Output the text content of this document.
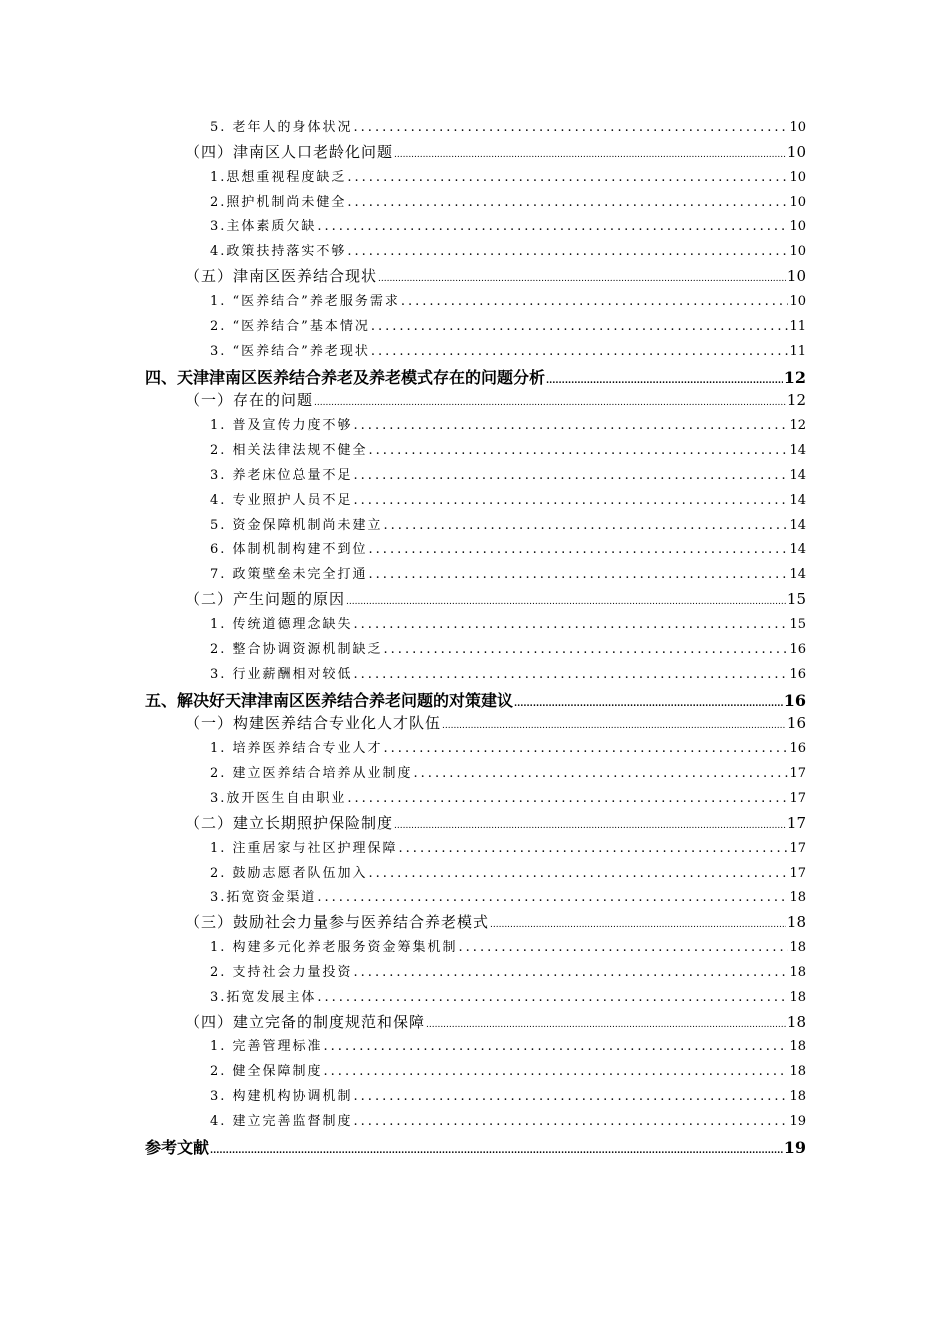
5. 老年人的身体状况 .....	10
（四）津南区人口老龄化问题 .....	10
1.思想重视程度缺乏 .....	10
2.照护机制尚未健全 .....	10
3.主体素质欠缺 .....	10
4.政策扶持落实不够 .....	10
（五）津南区医养结合现状 .....	10
1. “医养结合”养老服务需求 .....	10
2. “医养结合”基本情况 .....	11
3. “医养结合”养老现状 .....	11
四、天津津南区医养结合养老及养老模式存在的问题分析 .....	12
（一）存在的问题 .....	12
1. 普及宣传力度不够 .....	12
2. 相关法律法规不健全 .....	14
3. 养老床位总量不足 .....	14
4. 专业照护人员不足 .....	14
5. 资金保障机制尚未建立 .....	14
6. 体制机制构建不到位 .....	14
7. 政策壁垒未完全打通 .....	14
（二）产生问题的原因 .....	15
1. 传统道德理念缺失 .....	15
2. 整合协调资源机制缺乏 .....	16
3. 行业薪酬相对较低 .....	16
五、解决好天津津南区医养结合养老问题的对策建议 .....	16
（一）构建医养结合专业化人才队伍 .....	16
1. 培养医养结合专业人才 .....	16
2. 建立医养结合培养从业制度 .....	17
3.放开医生自由职业 .....	17
（二）建立长期照护保险制度 .....	17
1. 注重居家与社区护理保障 .....	17
2. 鼓励志愿者队伍加入 .....	17
3.拓宽资金渠道 .....	18
（三）鼓励社会力量参与医养结合养老模式 .....	18
1. 构建多元化养老服务资金筹集机制 .....	18
2. 支持社会力量投资 .....	18
3.拓宽发展主体 .....	18
（四）建立完备的制度规范和保障 .....	18
1. 完善管理标准 .....	18
2. 健全保障制度 .....	18
3. 构建机构协调机制 .....	18
4. 建立完善监督制度 .....	19
参考文献 .....	19
